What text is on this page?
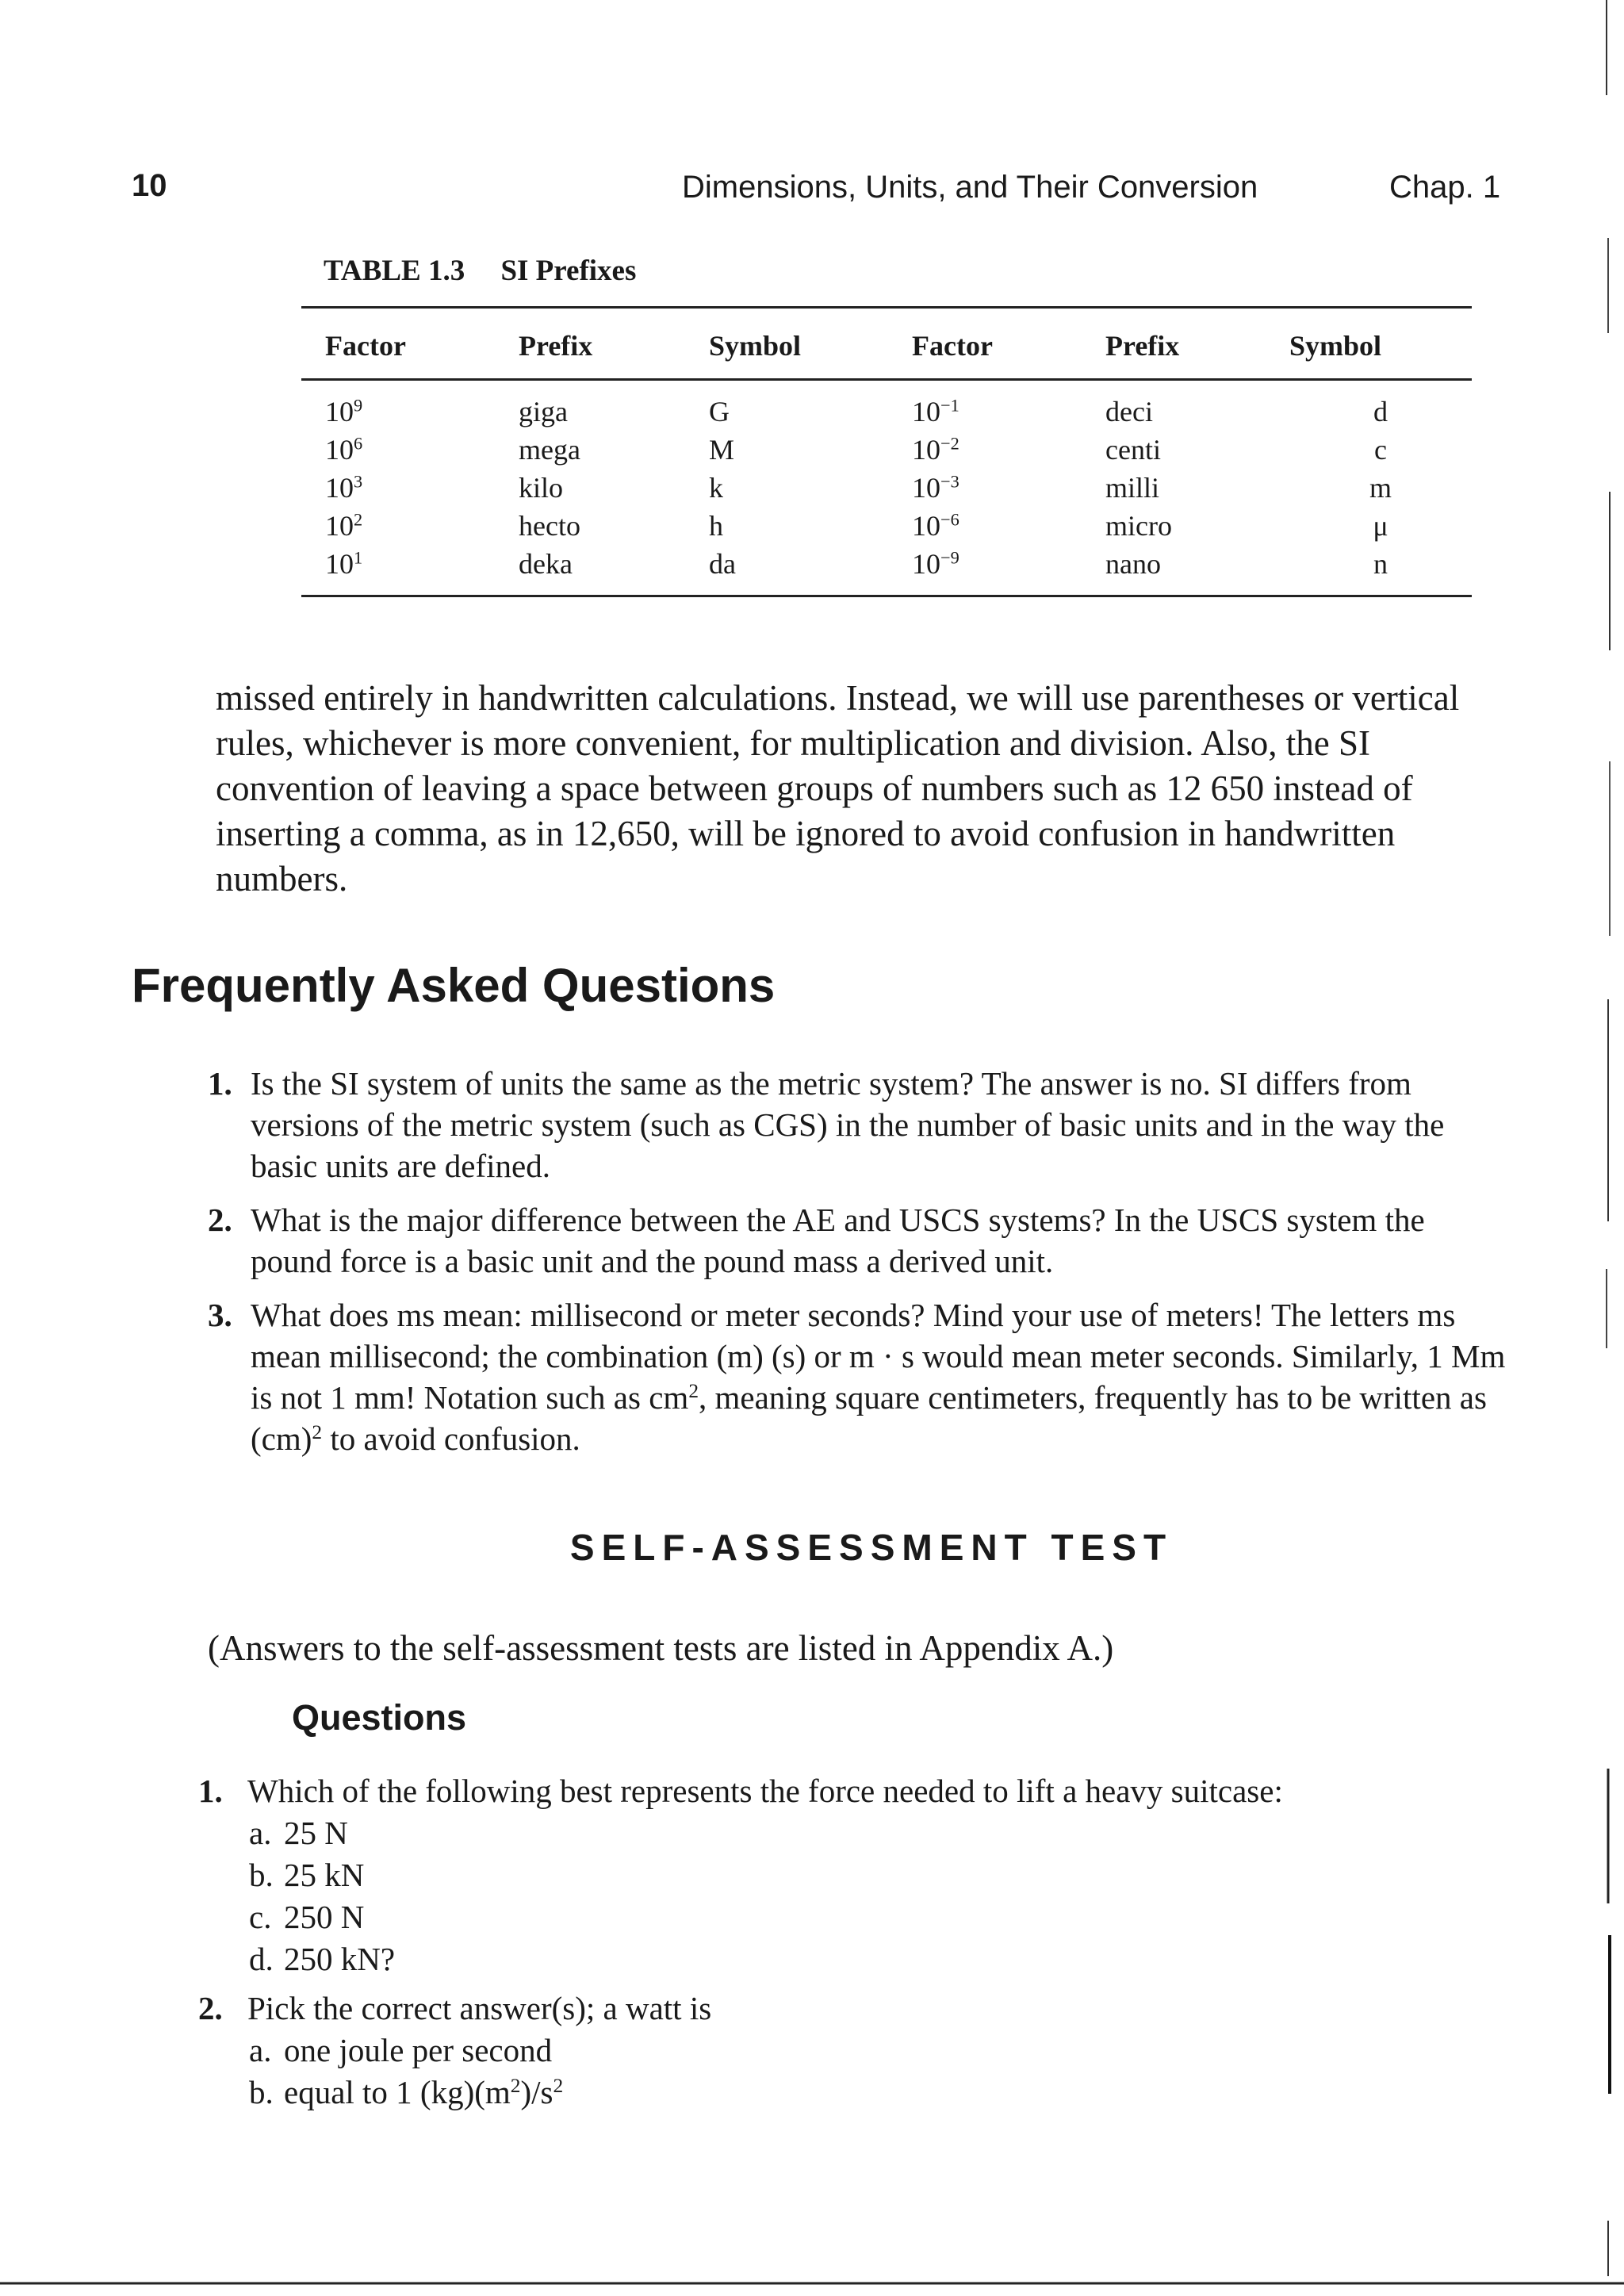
10	Dimensions, Units, and Their Conversion	Chap. 1
TABLE 1.3 SI Prefixes
Factor	Prefix	Symbol	Factor	Prefix	Symbol
$10^9$	giga	G	$10^{-1}$	deci	d
$10^6$	mega	M	$10^{-2}$	centi	c
$10^3$	kilo	k	$10^{-3}$	milli	m
$10^2$	hecto	h	$10^{-6}$	micro	μ
$10^1$	deka	da	$10^{-9}$	nano	n

missed entirely in handwritten calculations. Instead, we will use parentheses or vertical rules, whichever is more convenient, for multiplication and division. Also, the SI convention of leaving a space between groups of numbers such as 12 650 instead of inserting a comma, as in 12,650, will be ignored to avoid confusion in handwritten numbers.

Frequently Asked Questions
1. Is the SI system of units the same as the metric system? The answer is no. SI differs from versions of the metric system (such as CGS) in the number of basic units and in the way the basic units are defined.
2. What is the major difference between the AE and USCS systems? In the USCS system the pound force is a basic unit and the pound mass a derived unit.
3. What does ms mean: millisecond or meter seconds? Mind your use of meters! The letters ms mean millisecond; the combination (m) (s) or m · s would mean meter seconds. Similarly, 1 Mm is not 1 mm! Notation such as $cm^2$, meaning square centimeters, frequently has to be written as (cm)$^2$ to avoid confusion.
SELF-ASSESSMENT TEST

(Answers to the self-assessment tests are listed in Appendix A.)

Questions
1. Which of the following best represents the force needed to lift a heavy suitcase:
a. 25 N
b. 25 kN
c. 250 N
d. 250 kN?
2. Pick the correct answer(s); a watt is
a. one joule per second
b. equal to 1 $(kg)(m^2)/s^2$
